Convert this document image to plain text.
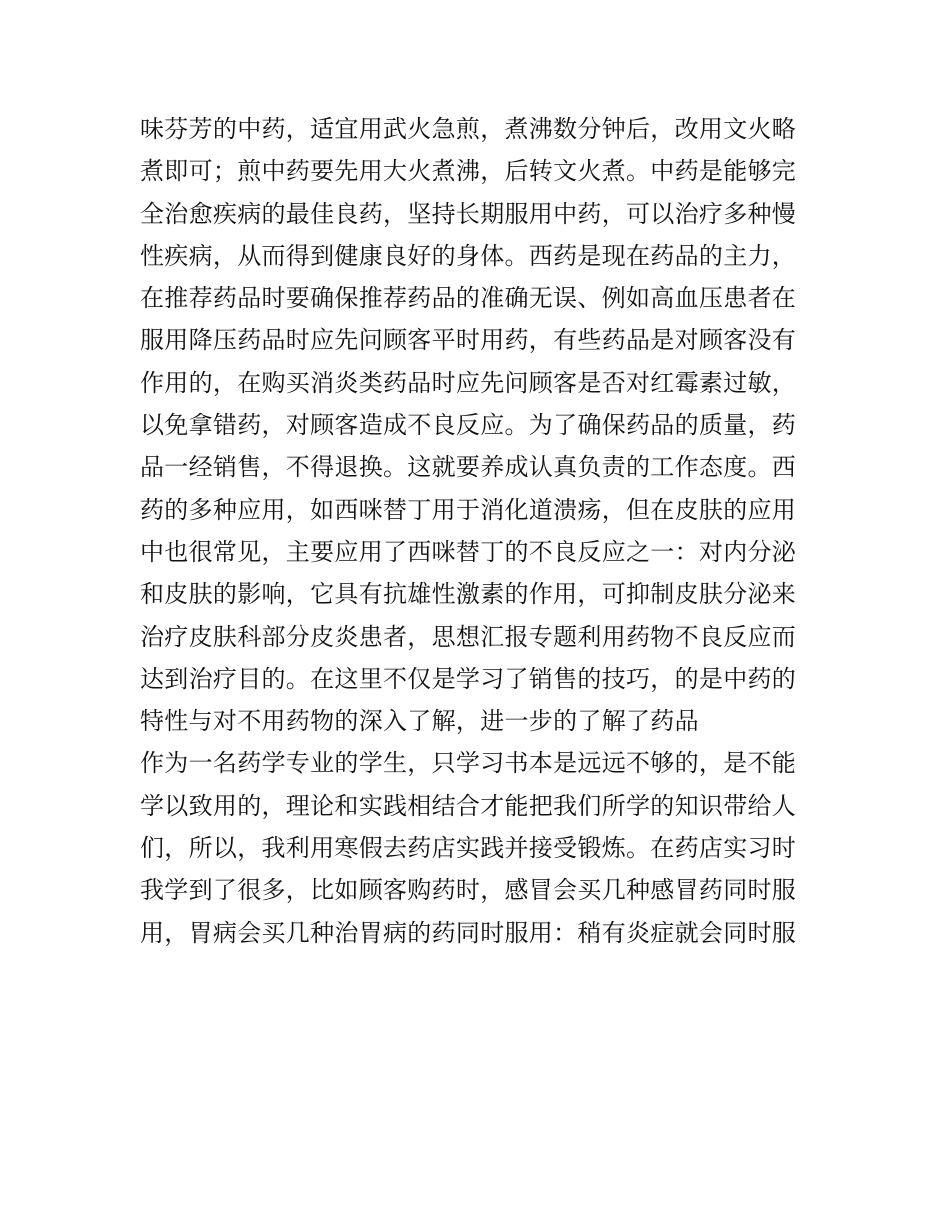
味芬芳的中药，适宜用武火急煎，煮沸数分钟后，改用文火略
煮即可；煎中药要先用大火煮沸，后转文火煮。中药是能够完
全治愈疾病的最佳良药，坚持长期服用中药，可以治疗多种慢
性疾病，从而得到健康良好的身体。西药是现在药品的主力，
在推荐药品时要确保推荐药品的准确无误、例如高血压患者在
服用降压药品时应先问顾客平时用药，有些药品是对顾客没有
作用的，在购买消炎类药品时应先问顾客是否对红霉素过敏，
以免拿错药，对顾客造成不良反应。为了确保药品的质量，药
品一经销售，不得退换。这就要养成认真负责的工作态度。西
药的多种应用，如西咪替丁用于消化道溃疡，但在皮肤的应用
中也很常见，主要应用了西咪替丁的不良反应之一：对内分泌
和皮肤的影响，它具有抗雄性激素的作用，可抑制皮肤分泌来
治疗皮肤科部分皮炎患者，思想汇报专题利用药物不良反应而
达到治疗目的。在这里不仅是学习了销售的技巧，的是中药的
特性与对不用药物的深入了解，进一步的了解了药品
作为一名药学专业的学生，只学习书本是远远不够的，是不能
学以致用的，理论和实践相结合才能把我们所学的知识带给人
们，所以，我利用寒假去药店实践并接受锻炼。在药店实习时
我学到了很多，比如顾客购药时，感冒会买几种感冒药同时服
用，胃病会买几种治胃病的药同时服用：稍有炎症就会同时服
